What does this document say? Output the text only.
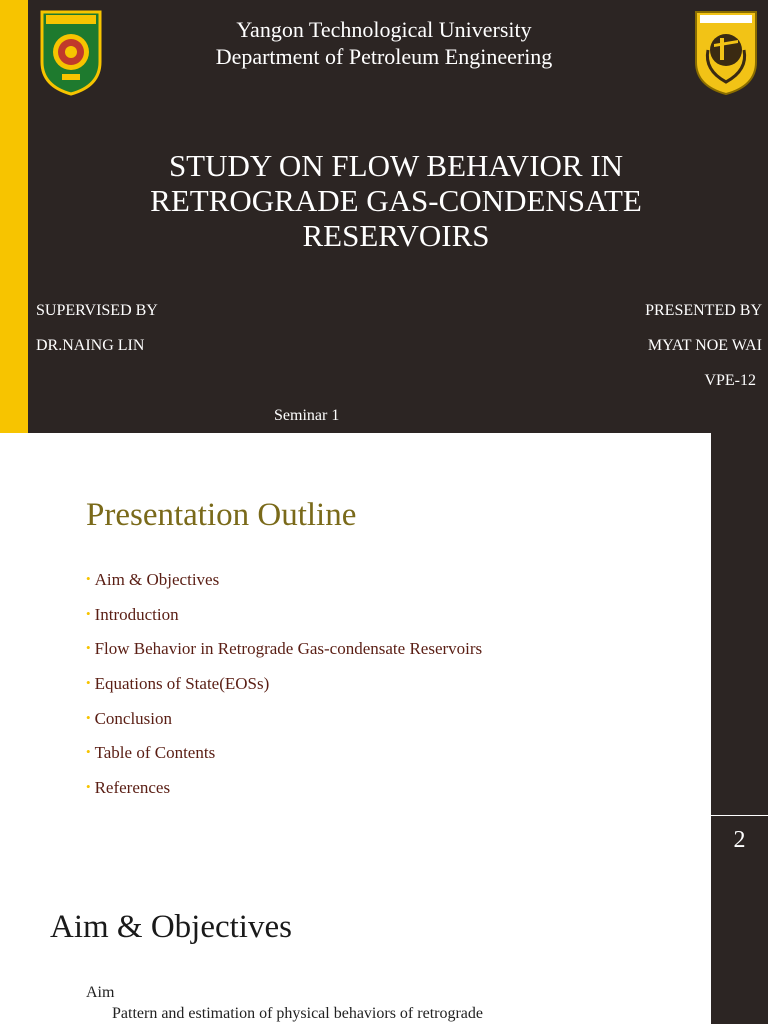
Yangon Technological University
Department of Petroleum Engineering
STUDY ON FLOW BEHAVIOR IN RETROGRADE GAS-CONDENSATE RESERVOIRS
SUPERVISED BY
DR.NAING LIN
PRESENTED BY
MYAT NOE WAI
VPE-12
Seminar 1
Presentation Outline
• Aim & Objectives
• Introduction
• Flow Behavior in Retrograde Gas-condensate Reservoirs
• Equations of State(EOSs)
• Conclusion
• Table of Contents
• References
2
Aim & Objectives
Aim
Pattern and estimation of physical behaviors of retrograde
